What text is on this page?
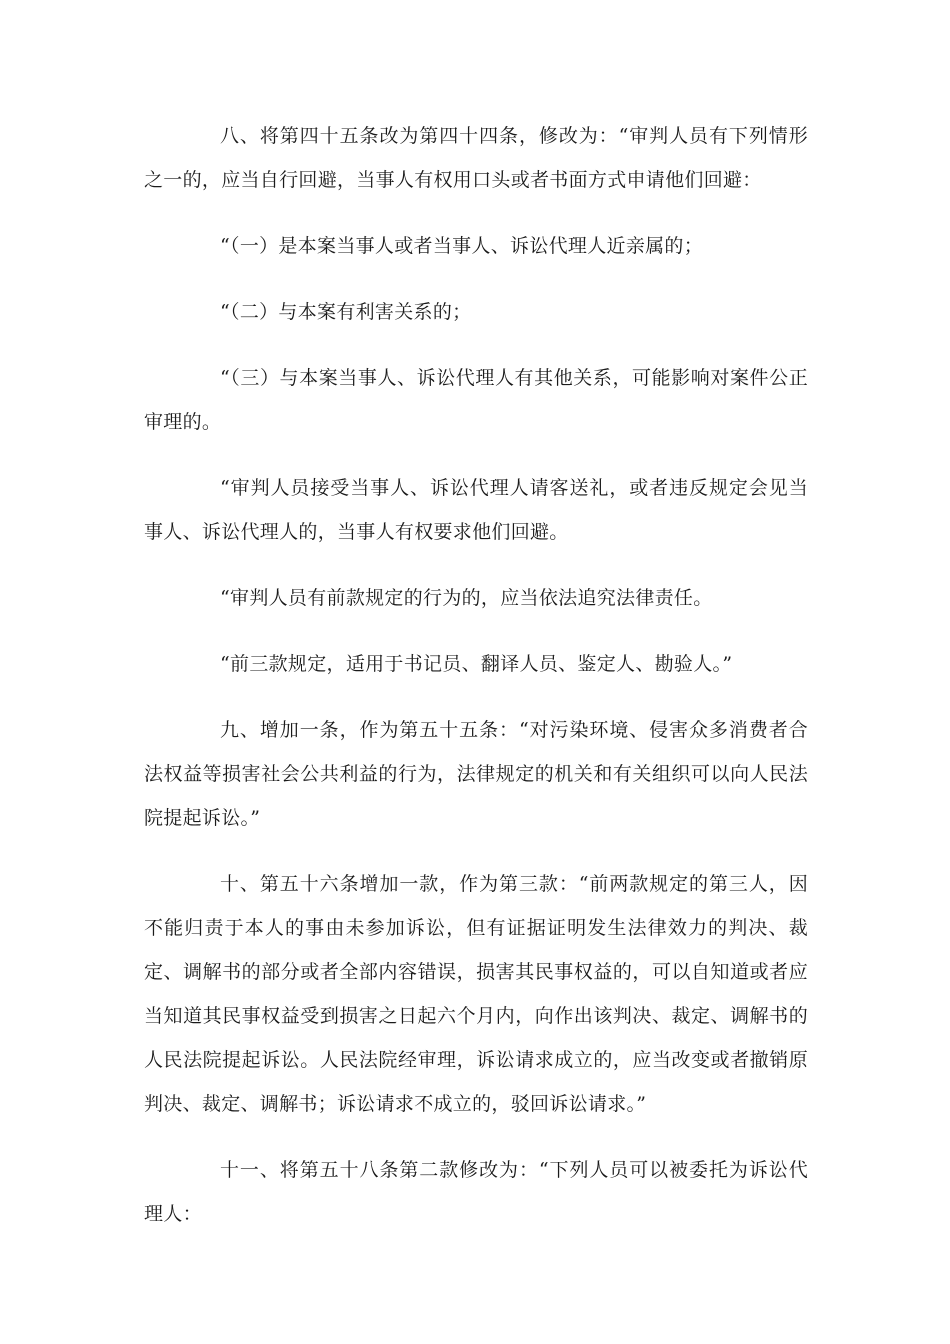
八、将第四十五条改为第四十四条，修改为：“审判人员有下列情形之一的，应当自行回避，当事人有权用口头或者书面方式申请他们回避：

“（一）是本案当事人或者当事人、诉讼代理人近亲属的；

“（二）与本案有利害关系的；

“（三）与本案当事人、诉讼代理人有其他关系，可能影响对案件公正审理的。

“审判人员接受当事人、诉讼代理人请客送礼，或者违反规定会见当事人、诉讼代理人的，当事人有权要求他们回避。

“审判人员有前款规定的行为的，应当依法追究法律责任。

“前三款规定，适用于书记员、翻译人员、鉴定人、勘验人。”

九、增加一条，作为第五十五条：“对污染环境、侵害众多消费者合法权益等损害社会公共利益的行为，法律规定的机关和有关组织可以向人民法院提起诉讼。”

十、第五十六条增加一款，作为第三款：“前两款规定的第三人，因不能归责于本人的事由未参加诉讼，但有证据证明发生法律效力的判决、裁定、调解书的部分或者全部内容错误，损害其民事权益的，可以自知道或者应当知道其民事权益受到损害之日起六个月内，向作出该判决、裁定、调解书的人民法院提起诉讼。人民法院经审理，诉讼请求成立的，应当改变或者撤销原判决、裁定、调解书；诉讼请求不成立的，驳回诉讼请求。”

十一、将第五十八条第二款修改为：“下列人员可以被委托为诉讼代理人：
